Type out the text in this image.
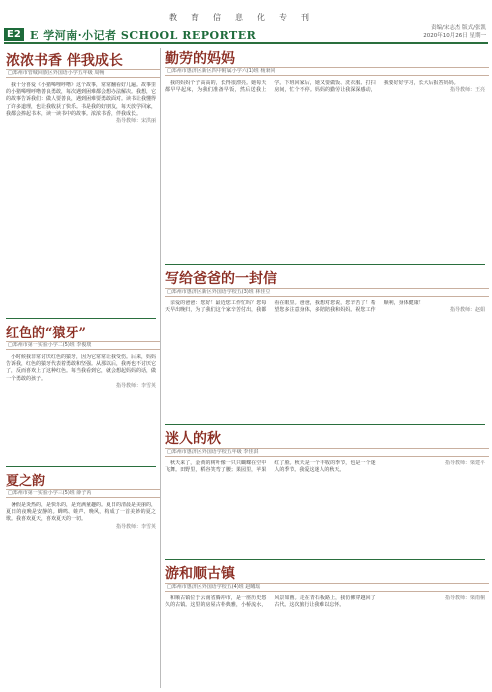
教育信息化专刊
E2 E 学河南·小记者 SCHOOL REPORTER
责编/宋志杰 版式/张凯
2020年10月26日 星期一
浓浓书香 伴我成长
□郑州市管城回族区外国语小学五年级 周畅

我十分喜爱《小猪唏哩呼噜》这个故事，常常翻看好几遍。故事里的小猪唏哩呼噜善良勇敢，每次遇到困难都会想办法解决。我想，它的故事告诉我们：做人要善良，遇到困难要勇敢面对。读书让我懂得了许多道理，也让我收获了快乐。书是我的好朋友，每天放学回家，我都会捧起书本，读一读书中的故事。浓浓书香，伴我成长。

指导教师：宋洪丽
红色的“猿牙”
□郑州市第一实验小学二(5)班 李俊琰

小时候我非常讨厌红色的猿牙，因为它常常让我受伤。后来，妈妈告诉我，红色的猿牙代表着勇敢和坚强。从那以后，我再也不讨厌它了，反而喜欢上了这种红色。每当我看到它，就会想起妈妈的话，做一个勇敢的孩子。

指导教师：李雪英
夏之韵
□郑州市第一实验小学三(5)班 薛子芮

暑假是炎热的，是快乐的，是充满童趣的。夏日的清晨是美丽的，夏日的夜晚是安静的。蝉鸣、蛙声、晚风，构成了一首美妙的夏之歌。我喜欢夏天，喜欢夏天的一切。

指导教师：李雪英
勤劳的妈妈
□郑州市惠济区新区四中附属小学六(1)班 杨秉同

我的妈妈个子高高的，长得很漂亮。她每天都早早起床，为我们准备早饭，然后送我上学。下班回家后，她又要做饭、洗衣服、打扫房间，忙个不停。妈妈的勤劳让我深深感动，我要好好学习，长大后报答妈妈。

指导教师：王亮
写给爸爸的一封信
□郑州市惠济区新区外国语学校五(3)班 林佳豆

亲爱的爸爸：您好！最近您工作忙吗？您每天早出晚归，为了我们这个家辛苦付出，我都看在眼里。爸爸，我想对您说，您辛苦了！希望您多注意身体，多陪陪我和妈妈。祝您工作顺利，身体健康！

指导教师：赵娟
迷人的秋
□郑州市惠济区外国语学校五年级 李佳淇

秋天来了，金黄的树叶像一只只蝴蝶在空中飞舞。田野里，稻谷笑弯了腰；果园里，苹果红了脸。秋天是一个丰收的季节，也是一个迷人的季节。我爱这迷人的秋天。

指导教师：梁建平
游和顺古镇
□郑州市惠济区外国语学校五(4)班 赵曦瑶

和顺古镇位于云南省腾冲市，是一座历史悠久的古镇。这里的房屋古朴典雅，小桥流水，风景如画。走在青石板路上，我仿佛穿越回了古代。这次旅行让我难以忘怀。

指导教师：梁雨桐
